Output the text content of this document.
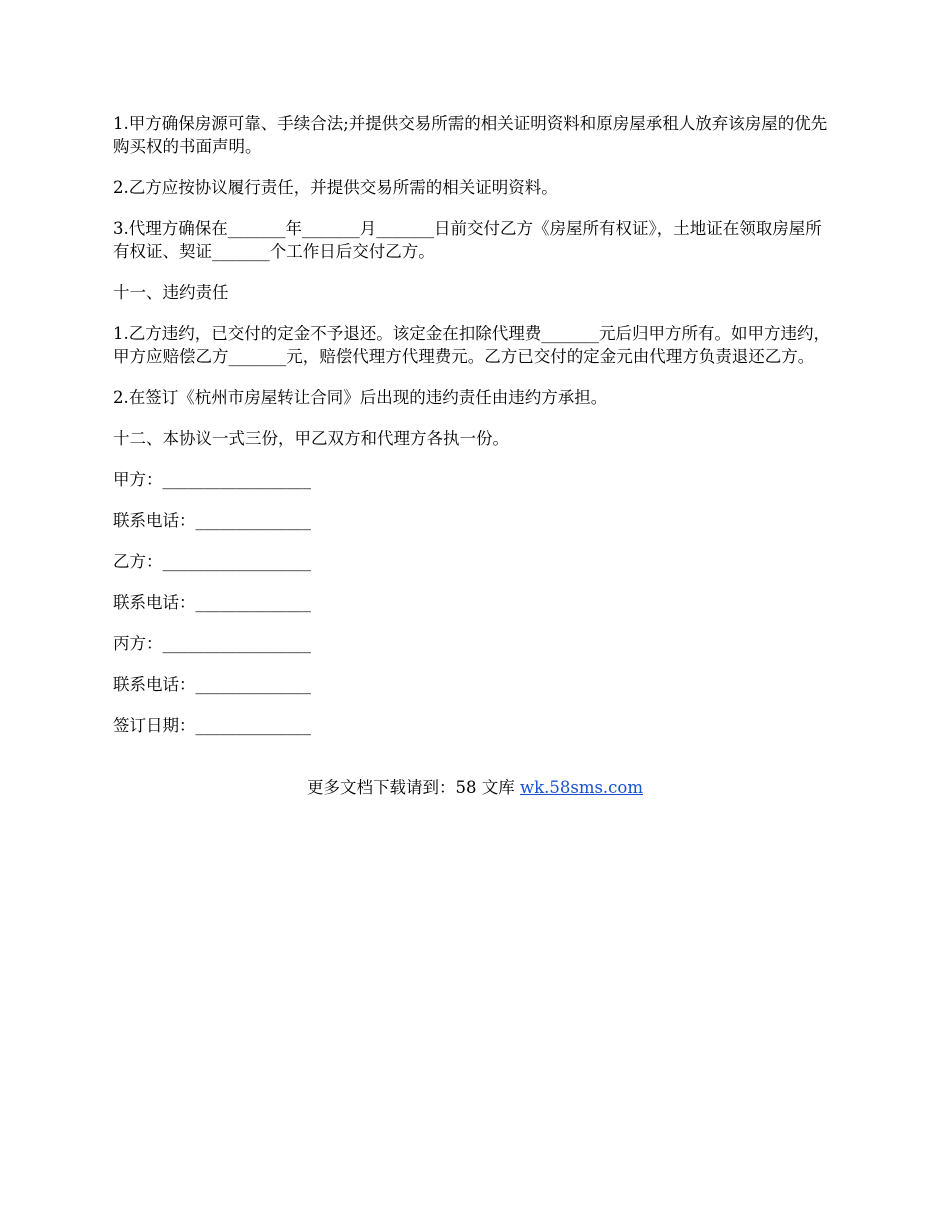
1.甲方确保房源可靠、手续合法;并提供交易所需的相关证明资料和原房屋承租人放弃该房屋的优先购买权的书面声明。

2.乙方应按协议履行责任，并提供交易所需的相关证明资料。

3.代理方确保在_______年_______月_______日前交付乙方《房屋所有权证》，土地证在领取房屋所有权证、契证_______个工作日后交付乙方。

十一、违约责任

1.乙方违约，已交付的定金不予退还。该定金在扣除代理费_______元后归甲方所有。如甲方违约，甲方应赔偿乙方_______元，赔偿代理方代理费元。乙方已交付的定金元由代理方负责退还乙方。

2.在签订《杭州市房屋转让合同》后出现的违约责任由违约方承担。

十二、本协议一式三份，甲乙双方和代理方各执一份。

甲方：__________________
联系电话：______________
乙方：__________________
联系电话：______________
丙方：__________________
联系电话：______________
签订日期：______________
更多文档下载请到：58 文库 wk.58sms.com
